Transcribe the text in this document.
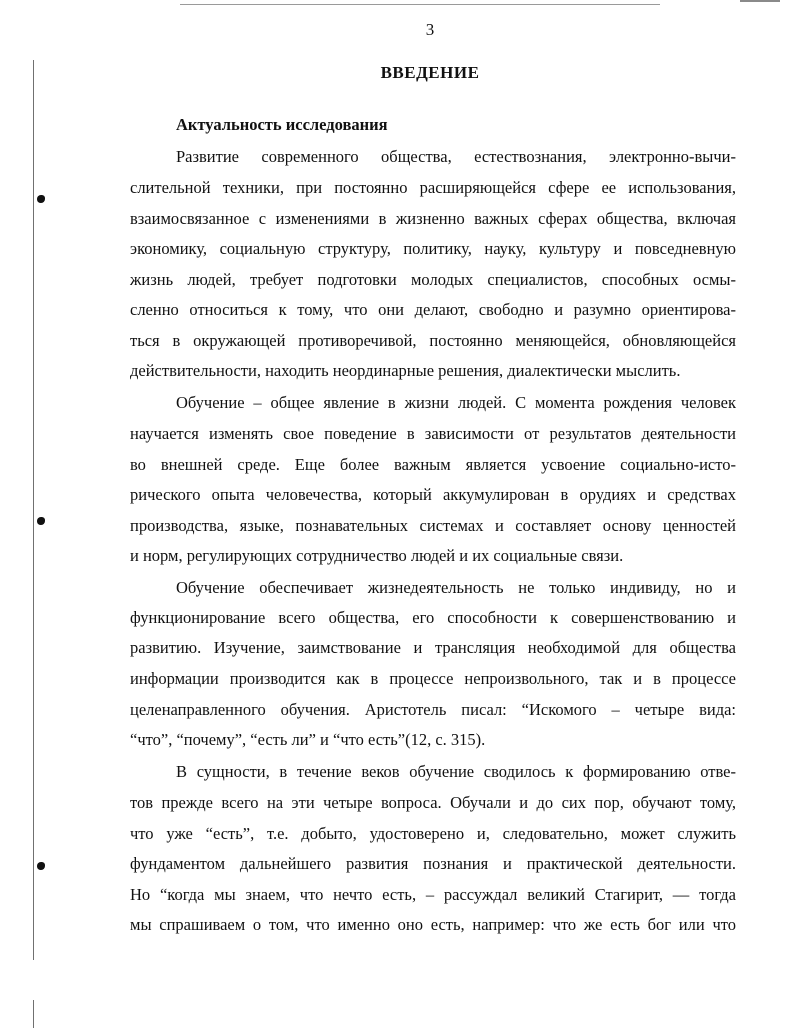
3
ВВЕДЕНИЕ
Актуальность исследования
Развитие современного общества, естествознания, электронно-вычи-
слительной техники, при постоянно расширяющейся сфере ее использования,
взаимосвязанное с изменениями в жизненно важных сферах общества, включая
экономику, социальную структуру, политику, науку, культуру и повседневную
жизнь людей, требует подготовки молодых специалистов, способных осмы-
сленно относиться к тому, что они делают, свободно и разумно ориентирова-
ться в окружающей противоречивой, постоянно меняющейся, обновляющейся
действительности, находить неординарные решения, диалектически мыслить.
Обучение – общее явление в жизни людей. С момента рождения человек
научается изменять свое поведение в зависимости от результатов деятельности
во внешней среде. Еще более важным является усвоение социально-исто-
рического опыта человечества, который аккумулирован в орудиях и средствах
производства, языке, познавательных системах и составляет основу ценностей
и норм, регулирующих сотрудничество людей и их социальные связи.
Обучение обеспечивает жизнедеятельность не только индивиду, но и
функционирование всего общества, его способности к совершенствованию и
развитию. Изучение, заимствование и трансляция необходимой для общества
информации производится как в процессе непроизвольного, так и в процессе
целенаправленного обучения. Аристотель писал: “Искомого – четыре вида:
“что”, “почему”, “есть ли” и “что есть”(12, с. 315).
В сущности, в течение веков обучение сводилось к формированию отве-
тов прежде всего на эти четыре вопроса. Обучали и до сих пор, обучают тому,
что уже “есть”, т.е. добыто, удостоверено и, следовательно, может служить
фундаментом дальнейшего развития познания и практической деятельности.
Но “когда мы знаем, что нечто есть, – рассуждал великий Стагирит, — тогда
мы спрашиваем о том, что именно оно есть, например: что же есть бог или что
